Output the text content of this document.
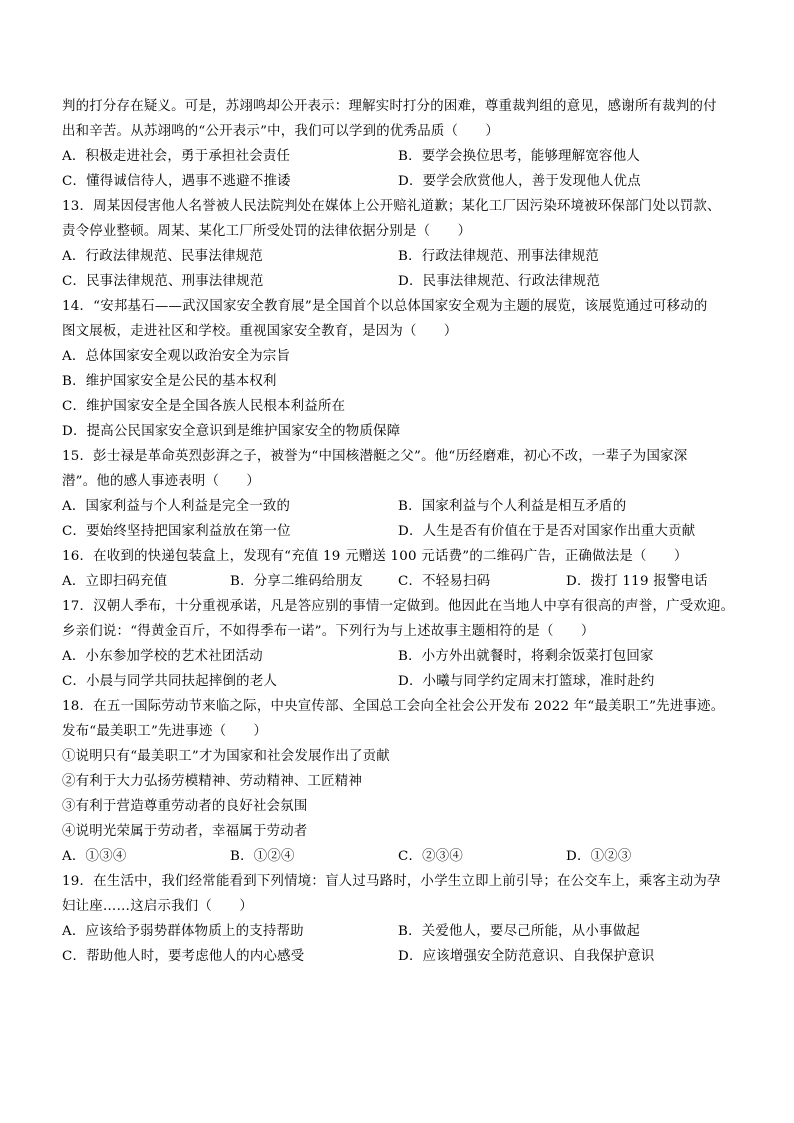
判的打分存在疑义。可是，苏翊鸣却公开表示：理解实时打分的困难，尊重裁判组的意见，感谢所有裁判的付
出和辛苦。从苏翊鸣的“公开表示”中，我们可以学到的优秀品质（　　）
A．积极走进社会，勇于承担社会责任	B．要学会换位思考，能够理解宽容他人
C．懂得诚信待人，遇事不逃避不推诿	D．要学会欣赏他人，善于发现他人优点
13．周某因侵害他人名誉被人民法院判处在媒体上公开赔礼道歉；某化工厂因污染环境被环保部门处以罚款、
责令停业整顿。周某、某化工厂所受处罚的法律依据分别是（　　）
A．行政法律规范、民事法律规范	B．行政法律规范、刑事法律规范
C．民事法律规范、刑事法律规范	D．民事法律规范、行政法律规范
14．“安邦基石——武汉国家安全教育展”是全国首个以总体国家安全观为主题的展览，该展览通过可移动的
图文展板，走进社区和学校。重视国家安全教育，是因为（　　）
A．总体国家安全观以政治安全为宗旨
B．维护国家安全是公民的基本权利
C．维护国家安全是全国各族人民根本利益所在
D．提高公民国家安全意识到是维护国家安全的物质保障
15．彭士禄是革命英烈彭湃之子，被誉为“中国核潜艇之父”。他“历经磨难，初心不改，一辈子为国家深
潜”。他的感人事迹表明（　　）
A．国家利益与个人利益是完全一致的	B．国家利益与个人利益是相互矛盾的
C．要始终坚持把国家利益放在第一位	D．人生是否有价值在于是否对国家作出重大贡献
16．在收到的快递包装盒上，发现有“充值 19 元赠送 100 元话费”的二维码广告，正确做法是（　　）
A．立即扫码充值	B．分享二维码给朋友	C．不轻易扫码	D．拨打 119 报警电话
17．汉朝人季布，十分重视承诺，凡是答应别的事情一定做到。他因此在当地人中享有很高的声誉，广受欢迎。
乡亲们说：“得黄金百斤，不如得季布一诺”。下列行为与上述故事主题相符的是（　　）
A．小东参加学校的艺术社团活动	B．小方外出就餐时，将剩余饭菜打包回家
C．小晨与同学共同扶起摔倒的老人	D．小曦与同学约定周末打篮球，准时赴约
18．在五一国际劳动节来临之际，中央宣传部、全国总工会向全社会公开发布 2022 年“最美职工”先进事迹。
发布“最美职工”先进事迹（　　）
①说明只有“最美职工”才为国家和社会发展作出了贡献
②有利于大力弘扬劳模精神、劳动精神、工匠精神
③有利于营造尊重劳动者的良好社会氛围
④说明光荣属于劳动者，幸福属于劳动者
A．①③④	B．①②④	C．②③④	D．①②③
19．在生活中，我们经常能看到下列情境：盲人过马路时，小学生立即上前引导；在公交车上，乘客主动为孕
妇让座……这启示我们（　　）
A．应该给予弱势群体物质上的支持帮助	B．关爱他人，要尽己所能，从小事做起
C．帮助他人时，要考虑他人的内心感受	D．应该增强安全防范意识、自我保护意识
